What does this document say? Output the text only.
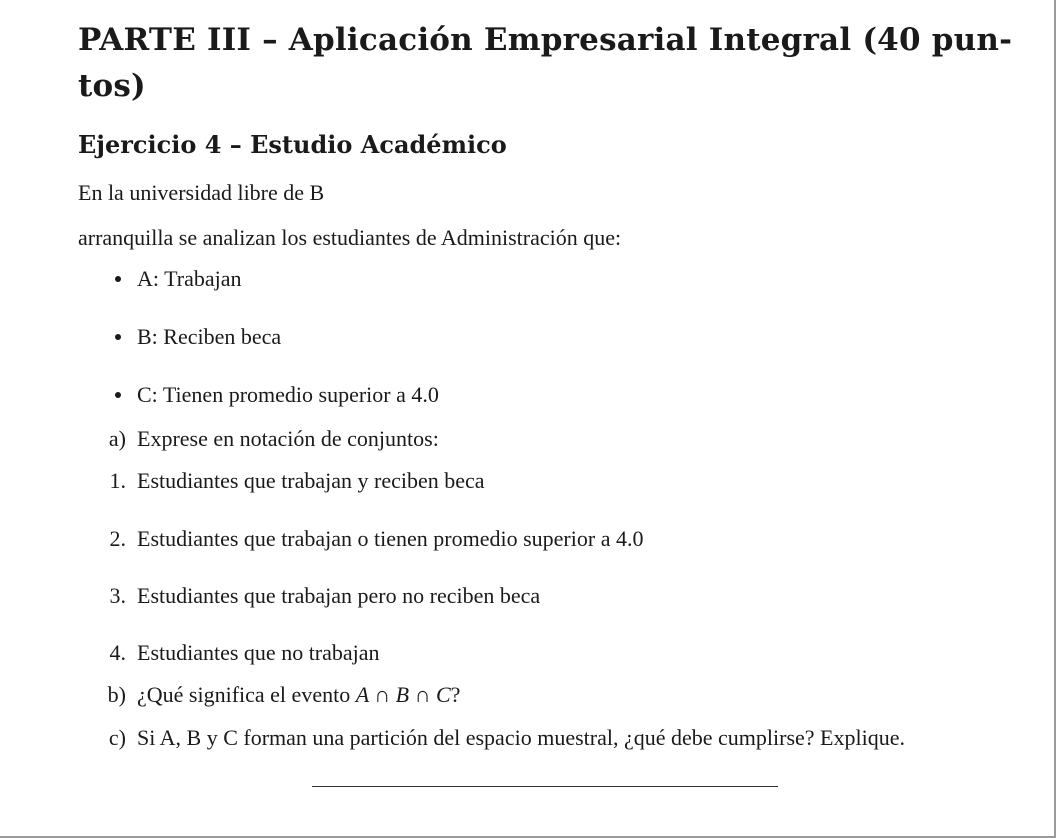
PARTE III – Aplicación Empresarial Integral (40 pun-
tos)
Ejercicio 4 – Estudio Académico
En la universidad libre de B
arranquilla se analizan los estudiantes de Administración que:
A: Trabajan
B: Reciben beca
C: Tienen promedio superior a 4.0
a) Exprese en notación de conjuntos:
1. Estudiantes que trabajan y reciben beca
2. Estudiantes que trabajan o tienen promedio superior a 4.0
3. Estudiantes que trabajan pero no reciben beca
4. Estudiantes que no trabajan
b) ¿Qué significa el evento A ∩ B ∩ C?
c) Si A, B y C forman una partición del espacio muestral, ¿qué debe cumplirse? Explique.
